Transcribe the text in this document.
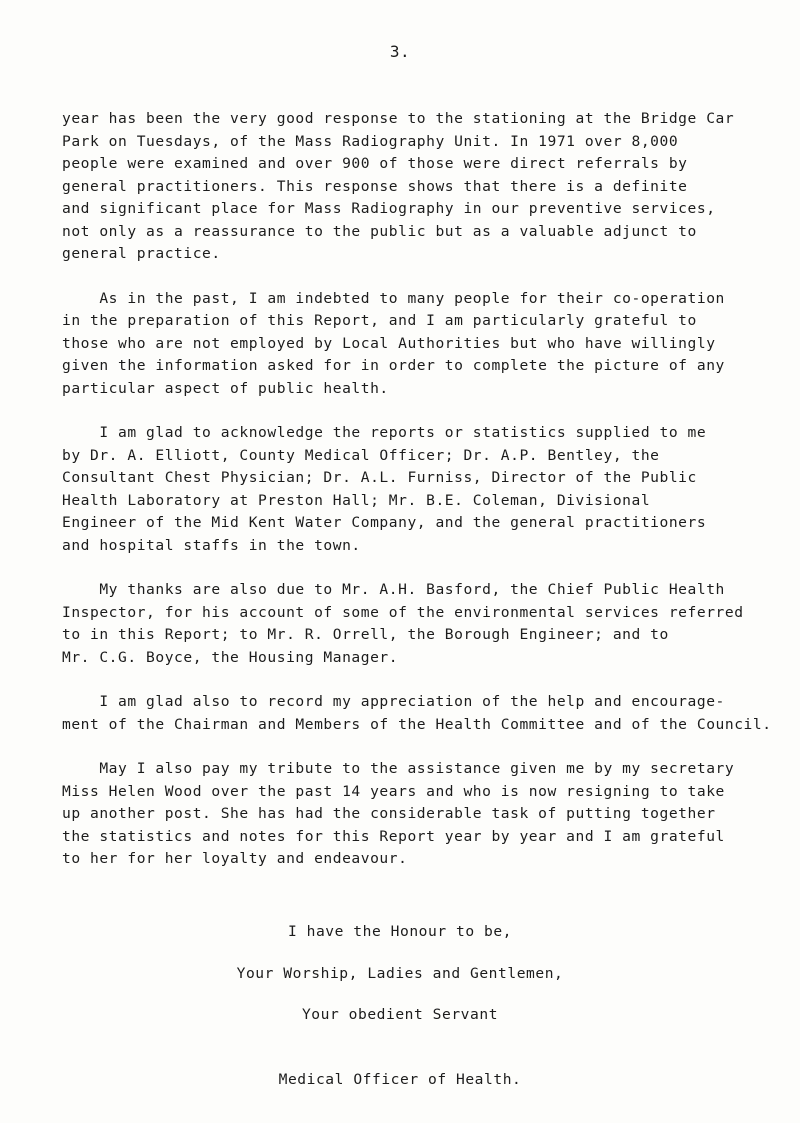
3.
year has been the very good response to the stationing at the Bridge Car
Park on Tuesdays, of the Mass Radiography Unit. In 1971 over 8,000
people were examined and over 900 of those were direct referrals by
general practitioners. This response shows that there is a definite
and significant place for Mass Radiography in our preventive services,
not only as a reassurance to the public but as a valuable adjunct to
general practice.
As in the past, I am indebted to many people for their co-operation
in the preparation of this Report, and I am particularly grateful to
those who are not employed by Local Authorities but who have willingly
given the information asked for in order to complete the picture of any
particular aspect of public health.
I am glad to acknowledge the reports or statistics supplied to me
by Dr. A. Elliott, County Medical Officer; Dr. A.P. Bentley, the
Consultant Chest Physician; Dr. A.L. Furniss, Director of the Public
Health Laboratory at Preston Hall; Mr. B.E. Coleman, Divisional
Engineer of the Mid Kent Water Company, and the general practitioners
and hospital staffs in the town.
My thanks are also due to Mr. A.H. Basford, the Chief Public Health
Inspector, for his account of some of the environmental services referred
to in this Report; to Mr. R. Orrell, the Borough Engineer; and to
Mr. C.G. Boyce, the Housing Manager.
I am glad also to record my appreciation of the help and encourage-
ment of the Chairman and Members of the Health Committee and of the Council.
May I also pay my tribute to the assistance given me by my secretary
Miss Helen Wood over the past 14 years and who is now resigning to take
up another post. She has had the considerable task of putting together
the statistics and notes for this Report year by year and I am grateful
to her for her loyalty and endeavour.
I have the Honour to be,
Your Worship, Ladies and Gentlemen,
Your obedient Servant
Medical Officer of Health.
